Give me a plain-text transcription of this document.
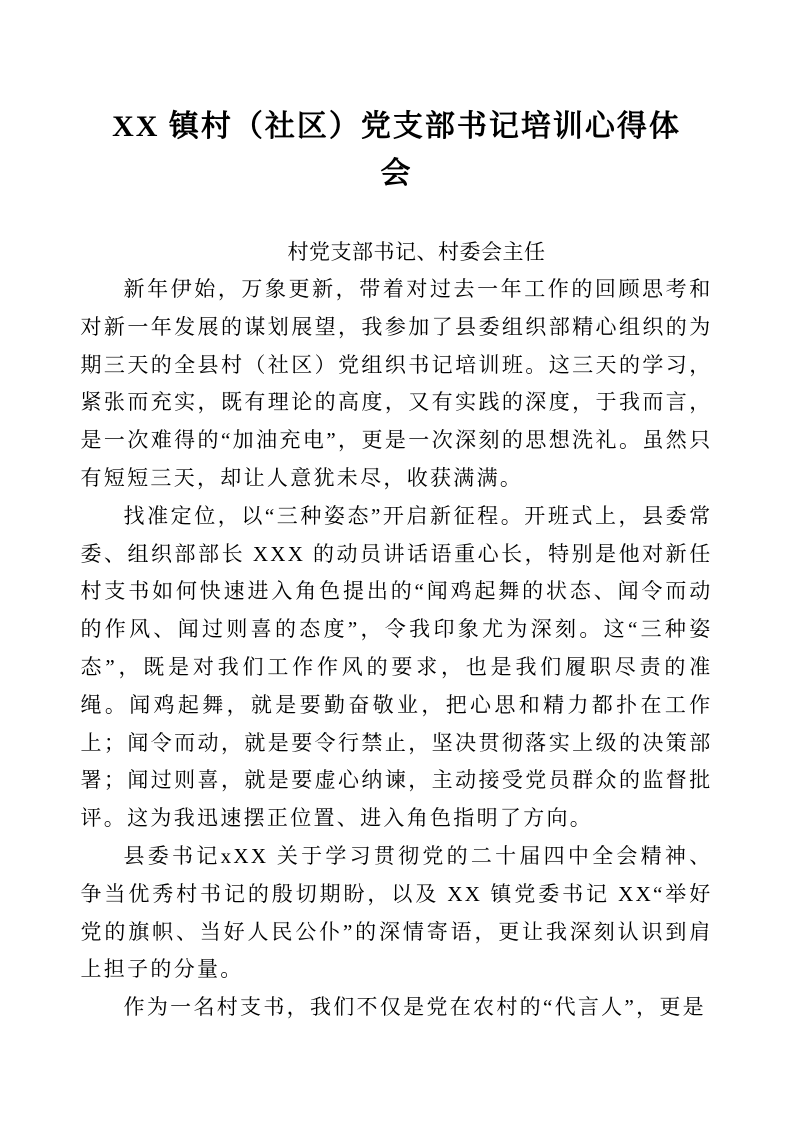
XX 镇村（社区）党支部书记培训心得体
会
村党支部书记、村委会主任

新年伊始，万象更新，带着对过去一年工作的回顾思考和对新一年发展的谋划展望，我参加了县委组织部精心组织的为期三天的全县村（社区）党组织书记培训班。这三天的学习，紧张而充实，既有理论的高度，又有实践的深度，于我而言，是一次难得的“加油充电”，更是一次深刻的思想洗礼。虽然只有短短三天，却让人意犹未尽，收获满满。

找准定位，以“三种姿态”开启新征程。开班式上，县委常委、组织部部长 XXX 的动员讲话语重心长，特别是他对新任村支书如何快速进入角色提出的“闻鸡起舞的状态、闻令而动的作风、闻过则喜的态度”，令我印象尤为深刻。这“三种姿态”，既是对我们工作作风的要求，也是我们履职尽责的准绳。闻鸡起舞，就是要勤奋敬业，把心思和精力都扑在工作上；闻令而动，就是要令行禁止，坚决贯彻落实上级的决策部署；闻过则喜，就是要虚心纳谏，主动接受党员群众的监督批评。这为我迅速摆正位置、进入角色指明了方向。

县委书记xXX 关于学习贯彻党的二十届四中全会精神、争当优秀村书记的殷切期盼，以及 XX 镇党委书记 XX“举好党的旗帜、当好人民公仆”的深情寄语，更让我深刻认识到肩上担子的分量。

作为一名村支书，我们不仅是党在农村的“代言人”，更是
